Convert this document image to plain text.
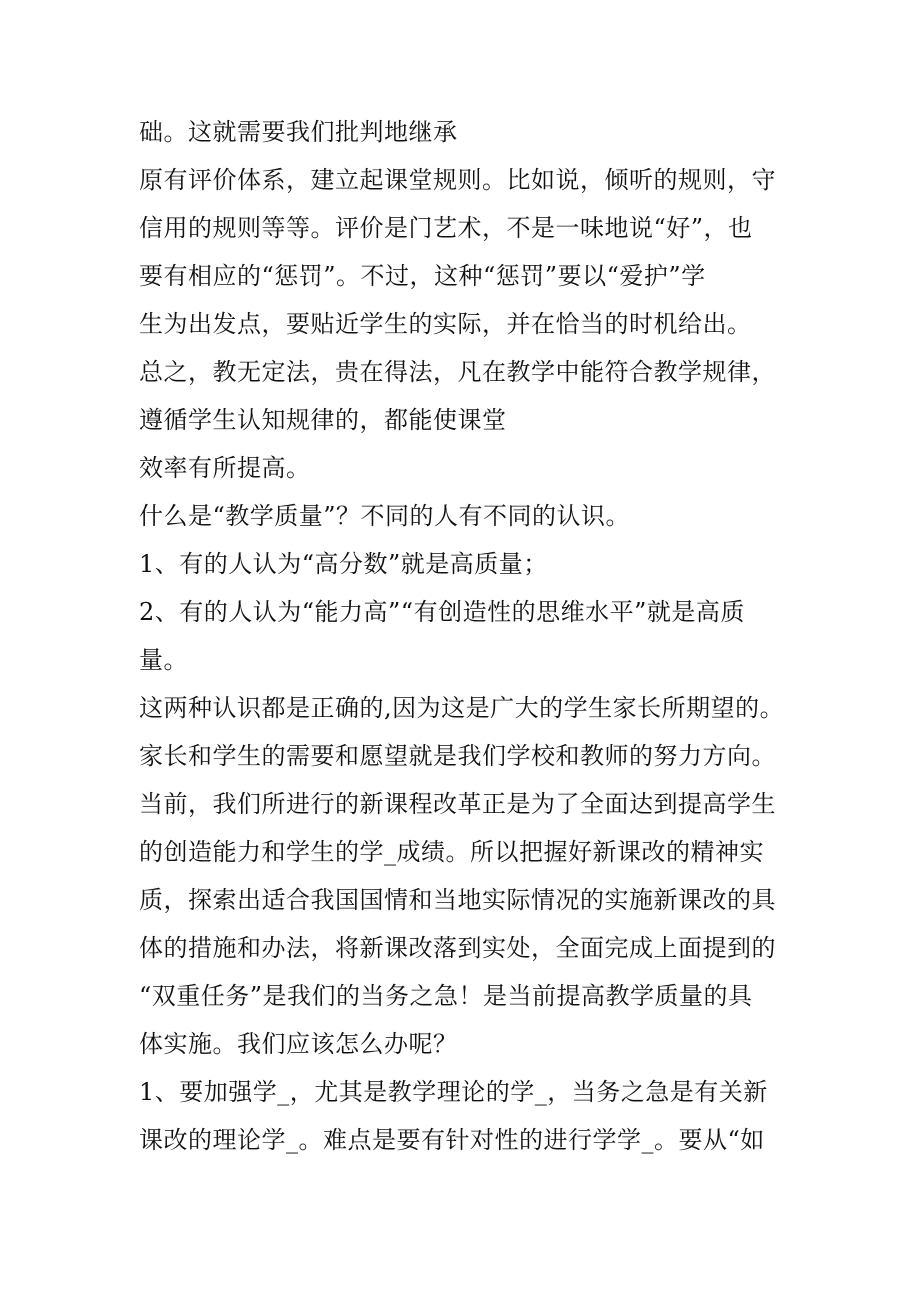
础。这就需要我们批判地继承
原有评价体系，建立起课堂规则。比如说，倾听的规则，守
信用的规则等等。评价是门艺术，不是一味地说“好”，也
要有相应的“惩罚”。不过，这种“惩罚”要以“爱护”学
生为出发点，要贴近学生的实际，并在恰当的时机给出。
总之，教无定法，贵在得法，凡在教学中能符合教学规律，
遵循学生认知规律的，都能使课堂
效率有所提高。
什么是“教学质量”？不同的人有不同的认识。
1、有的人认为“高分数”就是高质量；
2、有的人认为“能力高”“有创造性的思维水平”就是高质
量。
这两种认识都是正确的,因为这是广大的学生家长所期望的。
家长和学生的需要和愿望就是我们学校和教师的努力方向。
当前，我们所进行的新课程改革正是为了全面达到提高学生
的创造能力和学生的学_成绩。所以把握好新课改的精神实
质，探索出适合我国国情和当地实际情况的实施新课改的具
体的措施和办法，将新课改落到实处，全面完成上面提到的
“双重任务”是我们的当务之急！是当前提高教学质量的具
体实施。我们应该怎么办呢？
1、要加强学_，尤其是教学理论的学_，当务之急是有关新
课改的理论学_。难点是要有针对性的进行学学_。要从“如
